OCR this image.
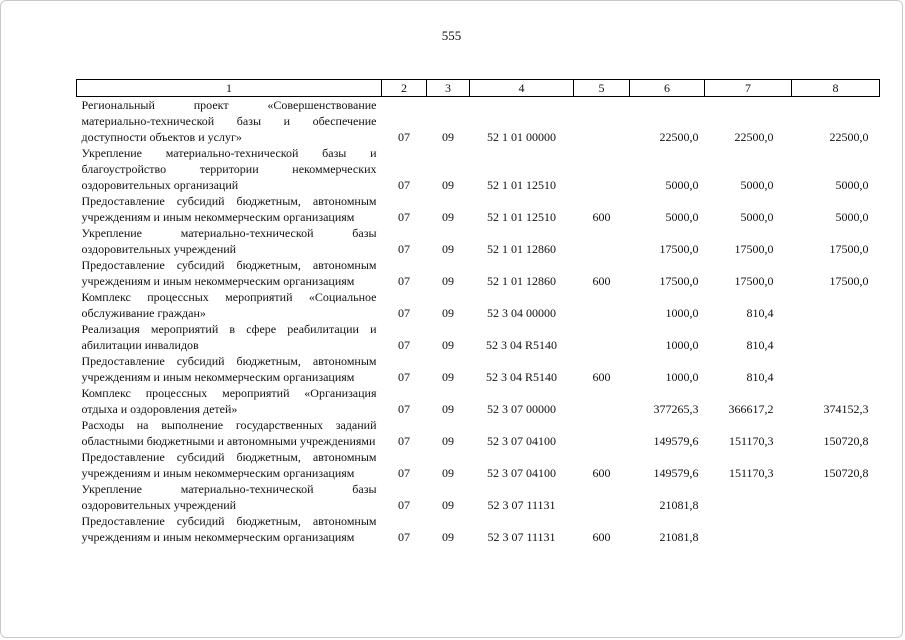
555
1	2	3	4	5	6	7	8
Региональный проект «Совершенствование материально-технической базы и обеспечение доступности объектов и услуг»	07	09	52 1 01 00000		22500,0	22500,0	22500,0
Укрепление материально-технической базы и благоустройство территории некоммерческих оздоровительных организаций	07	09	52 1 01 12510		5000,0	5000,0	5000,0
Предоставление субсидий бюджетным, автономным учреждениям и иным некоммерческим организациям	07	09	52 1 01 12510	600	5000,0	5000,0	5000,0
Укрепление материально-технической базы оздоровительных учреждений	07	09	52 1 01 12860		17500,0	17500,0	17500,0
Предоставление субсидий бюджетным, автономным учреждениям и иным некоммерческим организациям	07	09	52 1 01 12860	600	17500,0	17500,0	17500,0
Комплекс процессных мероприятий «Социальное обслуживание граждан»	07	09	52 3 04 00000		1000,0	810,4	
Реализация мероприятий в сфере реабилитации и абилитации инвалидов	07	09	52 3 04 R5140		1000,0	810,4	
Предоставление субсидий бюджетным, автономным учреждениям и иным некоммерческим организациям	07	09	52 3 04 R5140	600	1000,0	810,4	
Комплекс процессных мероприятий «Организация отдыха и оздоровления детей»	07	09	52 3 07 00000		377265,3	366617,2	374152,3
Расходы на выполнение государственных заданий областными бюджетными и автономными учреждениями	07	09	52 3 07 04100		149579,6	151170,3	150720,8
Предоставление субсидий бюджетным, автономным учреждениям и иным некоммерческим организациям	07	09	52 3 07 04100	600	149579,6	151170,3	150720,8
Укрепление материально-технической базы оздоровительных учреждений	07	09	52 3 07 11131		21081,8		
Предоставление субсидий бюджетным, автономным учреждениям и иным некоммерческим организациям	07	09	52 3 07 11131	600	21081,8		
